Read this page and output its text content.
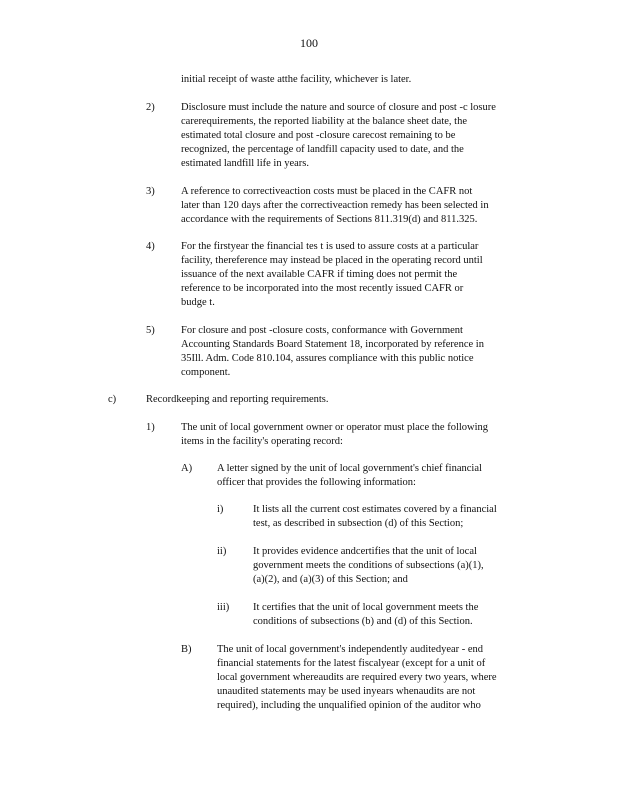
100
initial receipt of waste atthe facility, whichever is later.
2)	Disclosure must include the nature and source of closure and post -c losure
carerequirements, the reported liability at the balance sheet date, the
estimated total closure and post -closure carecost remaining to be
recognized, the percentage of landfill capacity used to date, and the
estimated landfill life in years.
3)	A reference to correctiveaction costs must be placed in the CAFR not
later than 120 days after the correctiveaction remedy has been selected in
accordance with the requirements of Sections 811.319(d) and 811.325.
4)	For the firstyear the financial tes t is used to assure costs at a particular
facility, thereference may instead be placed in the operating record until
issuance of the next available CAFR if timing does not permit the
reference to be incorporated into the most recently issued CAFR or
budge t.
5)	For closure and post -closure costs, conformance with Government
Accounting Standards Board Statement 18, incorporated by reference in
35Ill. Adm. Code 810.104, assures compliance with this public notice
component.
c)	Recordkeeping and reporting requirements.
1)	The unit of local government owner or operator must place the following
items in the facility's operating record:
A) A letter signed by the unit of local government's chief financial
officer that provides the following information:
i)	It lists all the current cost estimates covered by a financial
test, as described in subsection (d) of this Section;
ii)	It provides evidence andcertifies that the unit of local
government meets the conditions of subsections (a)(1),
(a)(2), and (a)(3) of this Section; and
iii) It certifies that the unit of local government meets the
conditions of subsections (b) and (d) of this Section.
B) The unit of local government's independently auditedyear - end
financial statements for the latest fiscalyear (except for a unit of
local government whereaudits are required every two years, where
unaudited statements may be used inyears whenaudits are not
required), including the unqualified opinion of the auditor who
